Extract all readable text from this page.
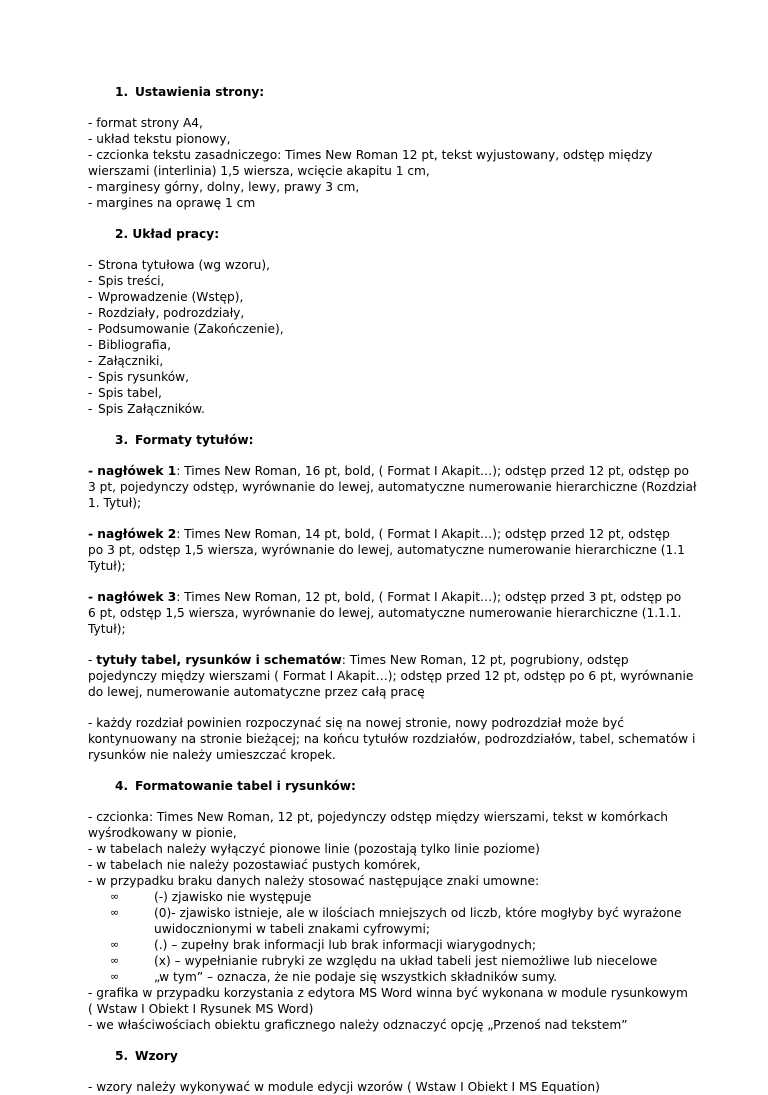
1. Ustawienia strony:

- format strony A4,
- układ tekstu pionowy,
- czcionka tekstu zasadniczego: Times New Roman 12 pt, tekst wyjustowany, odstęp między
wierszami (interlinia) 1,5 wiersza, wcięcie akapitu 1 cm,
- marginesy górny, dolny, lewy, prawy 3 cm,
- margines na oprawę 1 cm

2. Układ pracy:

- Strona tytułowa (wg wzoru),
- Spis treści,
- Wprowadzenie (Wstęp),
- Rozdziały, podrozdziały,
- Podsumowanie (Zakończenie),
- Bibliografia,
- Załączniki,
- Spis rysunków,
- Spis tabel,
- Spis Załączników.

3. Formaty tytułów:

- nagłówek 1: Times New Roman, 16 pt, bold, ( Format I Akapit…); odstęp przed 12 pt, odstęp po
3 pt, pojedynczy odstęp, wyrównanie do lewej, automatyczne numerowanie hierarchiczne (Rozdział
1. Tytuł);
- nagłówek 2: Times New Roman, 14 pt, bold, ( Format I Akapit…); odstęp przed 12 pt, odstęp
po 3 pt, odstęp 1,5 wiersza, wyrównanie do lewej, automatyczne numerowanie hierarchiczne (1.1
Tytuł);
- nagłówek 3: Times New Roman, 12 pt, bold, ( Format I Akapit…); odstęp przed 3 pt, odstęp po
6 pt, odstęp 1,5 wiersza, wyrównanie do lewej, automatyczne numerowanie hierarchiczne (1.1.1.
Tytuł);
- tytuły tabel, rysunków i schematów: Times New Roman, 12 pt, pogrubiony, odstęp
pojedynczy między wierszami ( Format I Akapit…); odstęp przed 12 pt, odstęp po 6 pt, wyrównanie
do lewej, numerowanie automatyczne przez całą pracę
- każdy rozdział powinien rozpoczynać się na nowej stronie, nowy podrozdział może być
kontynuowany na stronie bieżącej; na końcu tytułów rozdziałów, podrozdziałów, tabel, schematów i
rysunków nie należy umieszczać kropek.

4. Formatowanie tabel i rysunków:

- czcionka: Times New Roman, 12 pt, pojedynczy odstęp między wierszami, tekst w komórkach
wyśrodkowany w pionie,
- w tabelach należy wyłączyć pionowe linie (pozostają tylko linie poziome)
- w tabelach nie należy pozostawiać pustych komórek,
- w przypadku braku danych należy stosować następujące znaki umowne:
∞	(-) zjawisko nie występuje
∞	(0)- zjawisko istnieje, ale w ilościach mniejszych od liczb, które mogłyby być wyrażone
uwidocznionymi w tabeli znakami cyfrowymi;
∞	(.) – zupełny brak informacji lub brak informacji wiarygodnych;
∞	(x) – wypełnianie rubryki ze względu na układ tabeli jest niemożliwe lub niecelowe
∞	„w tym” – oznacza, że nie podaje się wszystkich składników sumy.
- grafika w przypadku korzystania z edytora MS Word winna być wykonana w module rysunkowym
( Wstaw I Obiekt I Rysunek MS Word)
- we właściwościach obiektu graficznego należy odznaczyć opcję „Przenoś nad tekstem”

5. Wzory

- wzory należy wykonywać w module edycji wzorów ( Wstaw I Obiekt I MS Equation)
